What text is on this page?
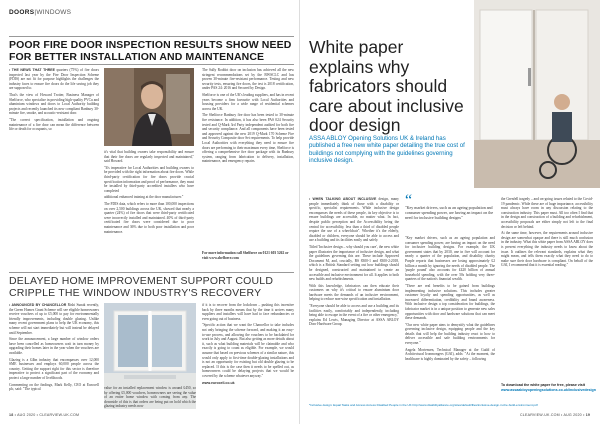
DOORS|WINDOWS
POOR FIRE DOOR INSPECTION RESULTS SHOW NEED
FOR BETTER INSTALLATION AND MAINTENANCE

• THE NEWS THAT THREE quarters (75%) of fire doors inspected last year by the Fire Door Inspection Scheme (FDIS) are not fit for purpose highlights the challenges the industry faces to ensure fire doors do the life saving job they are supposed to.

That's the view of Howard Trotter, Business Manager of Shelforce, who specialise in providing high-quality PVCu and aluminium windows and doors to Local Authority building projects and recently launched its new compliant Banbury 30-minute fire, smoke, and acoustic-resistant door.

"The correct specification, installation and ongoing maintenance of a fire door can mean the difference between life or death for occupants, so

it's vital that building owners take responsibility and ensure that their fire doors are regularly inspected and maintained," said Howard.

"It's imperative for Local Authorities and building owners to be provided with the right information about fire doors. While third-party certification for fire doors provide crucial specification information and proof of performance, they must be installed by third-party accredited installers who have completed

additional enhanced training at the door manufacturer."

The FDIS data, which refers to more than 100,000 inspections on over 2,500 buildings across the UK, showed that nearly a quarter (24%) of fire doors that were third-party certificated were incorrectly installed and maintained. 40% of third-party certificated fire doors were considered due to poor maintenance and 36% due to both poor installation and poor maintenance.

The Sally Roddot door on inclusion has achieved all the new stringent recommendations set by the BWSCLC and has proven 30-minute fire-resistant performance. Testing and new security tests, ensuring fire doors, the test is 2018 certification, under PAS 24: 2016 and Secured by Design.

Shelforce is one of the UK's leading suppliers, and has in recent years become a firm favourite with Local Authorities and housing providers for a wide range of residential schemes across the UK.

The Shelforce Banbury fire door has been tested to 30-minute fire resistance. In addition, it has also been PAS 024 Security tested and Q-Mark 3rd Party independent audited for both fire and security compliance. And all components have been tested and approved against the new 2019 Q-Mark 170 Scheme Fire and Security Composite door Set requirements. To help provide Local Authorities with everything they need to ensure fire doors are performing to their maximum every time, Shelforce is offering a comprehensive fire door package with its Banbury system, ranging from fabrication to delivery, installation, maintenance, and emergency repairs.

For more information call Shelforce on 0121 603 5262 or visit www.shelforce.com
DELAYED HOME IMPROVEMENT SUPPORT COULD
CRIPPLE THE WINDOW INDUSTRY'S RECOVERY

• ANNOUNCED BY CHANCELLOR Rishi Sunak recently, the Green Homes Grant Scheme will see eligible homeowners receive vouchers of up to £5,000 to pay for environmentally friendly improvements, including double glazing. Unlike many recent government plans to help the UK economy, this scheme will not start immediately but will instead be delayed until September.

Since the announcement, a large number of window orders have been cancelled as homeowners wait in turn money by upgrading their homes later in the year when the vouchers are available.

Glazing is a £4bn industry that encompasses over 12,000 SME businesses and employs 60,000 people across the country. Getting the support right for this sector is therefore imperative to protect a significant part of the economy and protect a large number of livelihoods.

Commenting on the findings, Mark Kelly, CEO at Eurocell plc, said: "The typical	value for an installed replacement window is around £450, so by offering £5,000 vouchers, homeowners are seeing the value of an entire home window with coming from any. The downside of this is that orders are being put on hold which the glazing industry needs now

if it is to recover from the lockdown – pushing this incentive back by three months means that by the time it arrives many suppliers and installers will have had to face redundancies or even going out of business.

"Specific action that we want the Chancellor to take includes not only bringing the scheme forward, and making it an easy-to-use process, and allowing the vouchers to be backdated for work in July and August. But also getting as more details about it, such as what building materials will be claimable and who exactly is going to count as eligible. For example, we would assume that based on previous schemes of a similar nature, this would only apply to first-time double-glazing installations and is not an opportunity for existing but old double glazing to be replaced. If this is the case then it needs to be spelled out, as homeowners could be delaying projects that we would be covered by the scheme whatever anyway."

www.eurocell.co.uk

18 • AUG 2020 • CLEARVIEW-UK.COM
White paper explains why fabricators should care about inclusive door design
ASSA ABLOY Opening Solutions UK & Ireland has published a free new white paper detailing the true cost of buildings not complying with the guidelines governing inclusive design.

• WHEN TALKING ABOUT INCLUSIVE design, many people immediately think of those with a disability or specific, specialist requirements. While inclusive design encompasses the needs of these people, its key objective is to ensure buildings are accessible, no matter what. In fact, despite public perception and the Accessibility being the central for accessibility, less than a third of disabled people require the use of a wheelchair". Whether it's the elderly, disabled or children, everyone should be able to access and use a building and its facilities easily and safely.

Titled 'Inclusive design – why should you care', the new white paper illustrates the importance of inclusive design, and what the guidelines governing this are. These include Approved Document M, and, crucially, BS 8300-1 and 8300-2:2018, which is a British Standard setting out how buildings should be designed, constructed and maintained to create an accessible and inclusive environment for all. It applies to both new builds and refurbishments.

With this knowledge, fabricators can then educate their customers on why it's critical to ensure aluminium door hardware meets the demands of an inclusive environment, helping to reduce non-wise specification and installation.

"Everyone should be able to access and use a building and its facilities easily, comfortably and independently, including being able to escape in the event of a fire or other emergency," explains Ed Lewis, Managing Director at ASSA ABLOY Door Hardware Group.

“
"Key market drivers, such as an ageing population and consumer spending power, are having an impact on the need for inclusive building designs"

"Key market drivers, such as an ageing population and consumer spending power, are having an impact on the need for inclusive building designs. For example, the UK government states that by 2030, one in five will account for nearly a quarter of the population, and disability charity Purple reports that businesses are losing approximately £2 billion a month by ignoring the needs of disabled people. The 'purple pound' also accounts for £420 billion of annual household spending, with the over 50s holding very three-quarters of the nation's financial wealth.

"There are real benefits to be gained from buildings implementing inclusive solutions. This includes greater customer loyalty and spending opportunities, as well as increased differentiation, credibility and brand awareness. With inclusive design a top consideration for buildings, the fabricator market is in a unique position to generate new sales opportunities with door and hardware solutions that can meet these demands.

"Our new white paper aims to demystify what the guidelines governing inclusive design, equipping people and the key details that will help the building industry react to how to deliver accessible and safe building environments for everyone."

Angela Mortensen, Technical Manager at the Guild of Architectural Ironmongers (GAI), adds: "At the moment, the healthcare is highly dominated by the safety – following

the Grenfell tragedy – and on-going issues related to the Covid-19 pandemic. While these are of huge importance, accessibility must always have room in any discussion relating to the construction industry. This paper must. All too often I find that in the design and construction of a building and refurbishment, accessibility proposals are either simply not left to the final decision or left behind.

At the same time, however, the requirements around inclusive design are somewhat opaque and there is still much confusion in the industry. What this white paper from ASSA ABLOY does is present everything the industry needs to know about the issue. It outlines the relevant standards, explains what they might mean, and tells them exactly what they need to do to make sure their door hardware is compliant. On behalf of the GAI, I recommend that it is essential reading."

To download the white paper for free, please visit www.assaabloyopeningsolutions.co.uk/inclusivedesign
*Inclusive design: Equal Tasks and Access Access Disabled People in the UK http://www.disabilityalliance.org/sites/default/files/inclusive-design-in-the-build-environment.pdf
CLEARVIEW-UK.COM • AUG 2020 • 19
